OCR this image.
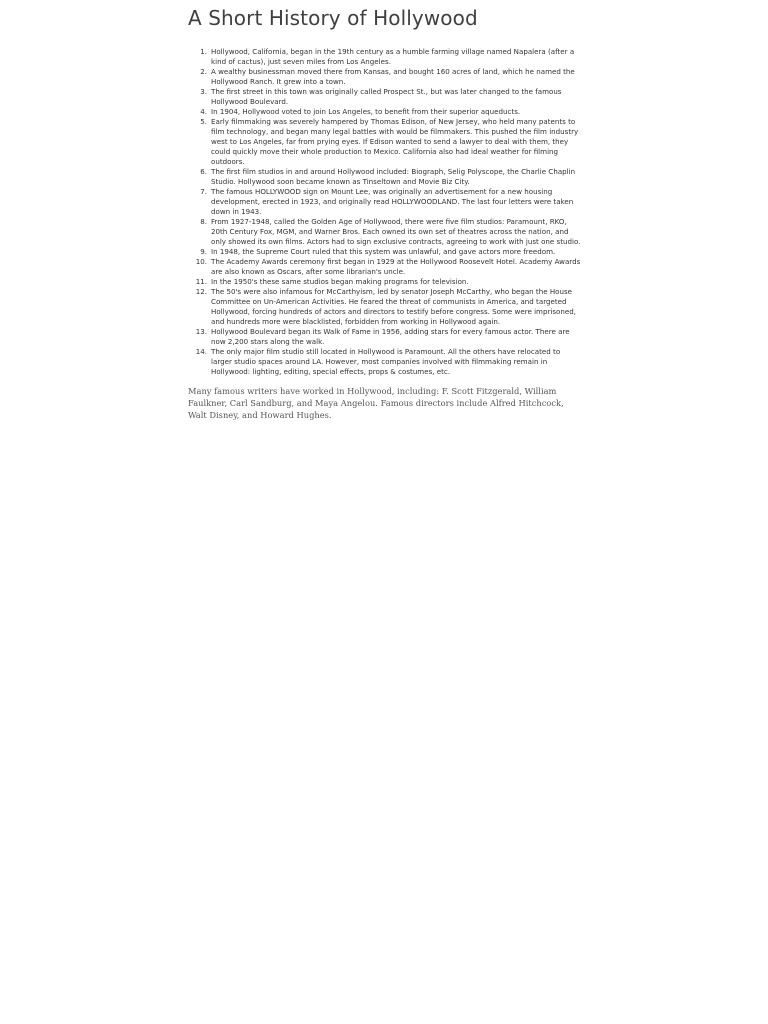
A Short History of Hollywood
Hollywood, California, began in the 19th century as a humble farming village named Napalera (after a kind of cactus), just seven miles from Los Angeles.
A wealthy businessman moved there from Kansas, and bought 160 acres of land, which he named the Hollywood Ranch. It grew into a town.
The first street in this town was originally called Prospect St., but was later changed to the famous Hollywood Boulevard.
In 1904, Hollywood voted to join Los Angeles, to benefit from their superior aqueducts.
Early filmmaking was severely hampered by Thomas Edison, of New Jersey, who held many patents to film technology, and began many legal battles with would be filmmakers. This pushed the film industry west to Los Angeles, far from prying eyes. If Edison wanted to send a lawyer to deal with them, they could quickly move their whole production to Mexico. California also had ideal weather for filming outdoors.
The first film studios in and around Hollywood included: Biograph, Selig Polyscope, the Charlie Chaplin Studio. Hollywood soon became known as Tinseltown and Movie Biz City.
The famous HOLLYWOOD sign on Mount Lee, was originally an advertisement for a new housing development, erected in 1923, and originally read HOLLYWOODLAND. The last four letters were taken down in 1943.
From 1927-1948, called the Golden Age of Hollywood, there were five film studios: Paramount, RKO, 20th Century Fox, MGM, and Warner Bros. Each owned its own set of theatres across the nation, and only showed its own films. Actors had to sign exclusive contracts, agreeing to work with just one studio.
In 1948, the Supreme Court ruled that this system was unlawful, and gave actors more freedom.
The Academy Awards ceremony first began in 1929 at the Hollywood Roosevelt Hotel. Academy Awards are also known as Oscars, after some librarian's uncle.
In the 1950's these same studios began making programs for television.
The 50's were also infamous for McCarthyism, led by senator Joseph McCarthy, who began the House Committee on Un-American Activities. He feared the threat of communists in America, and targeted Hollywood, forcing hundreds of actors and directors to testify before congress. Some were imprisoned, and hundreds more were blacklisted, forbidden from working in Hollywood again.
Hollywood Boulevard began its Walk of Fame in 1956, adding stars for every famous actor. There are now 2,200 stars along the walk.
The only major film studio still located in Hollywood is Paramount. All the others have relocated to larger studio spaces around LA. However, most companies involved with filmmaking remain in Hollywood: lighting, editing, special effects, props & costumes, etc.

Many famous writers have worked in Hollywood, including: F. Scott Fitzgerald, William Faulkner, Carl Sandburg, and Maya Angelou. Famous directors include Alfred Hitchcock, Walt Disney, and Howard Hughes.
